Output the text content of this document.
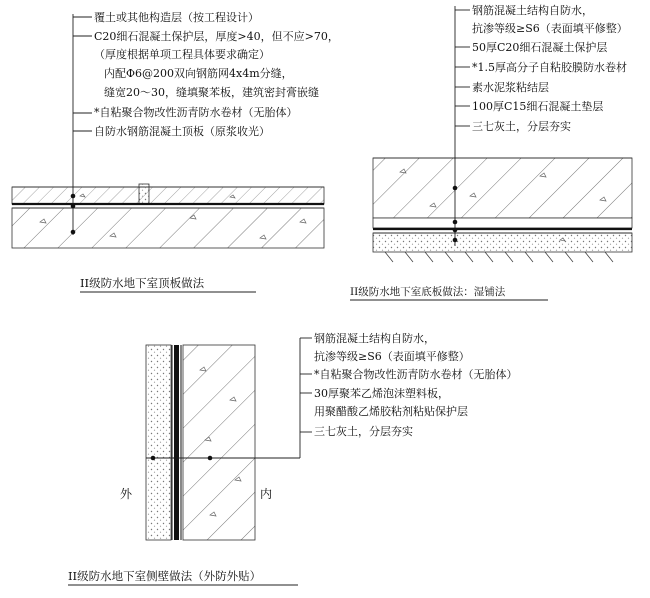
覆土或其他构造层（按工程设计）
C20细石混凝土保护层，厚度>40，但不应>70，
（厚度根据单项工程具体要求确定）
内配Φ6@200双向钢筋网4x4m分缝，
缝宽20～30，缝填聚苯板，建筑密封膏嵌缝
*自粘聚合物改性沥青防水卷材（无胎体）
自防水钢筋混凝土顶板（原浆收光）
II级防水地下室顶板做法
钢筋混凝土结构自防水，
抗渗等级≥S6（表面填平修整）
50厚C20细石混凝土保护层
*1.5厚高分子自粘胶膜防水卷材
素水泥浆粘结层
100厚C15细石混凝土垫层
三七灰土，分层夯实
II级防水地下室底板做法：湿铺法
钢筋混凝土结构自防水，
抗渗等级≥S6（表面填平修整）
*自粘聚合物改性沥青防水卷材（无胎体）
30厚聚苯乙烯泡沫塑料板，
用聚醋酸乙烯胶粘剂粘贴保护层
三七灰土，分层夯实
外	内
II级防水地下室侧壁做法（外防外贴）
